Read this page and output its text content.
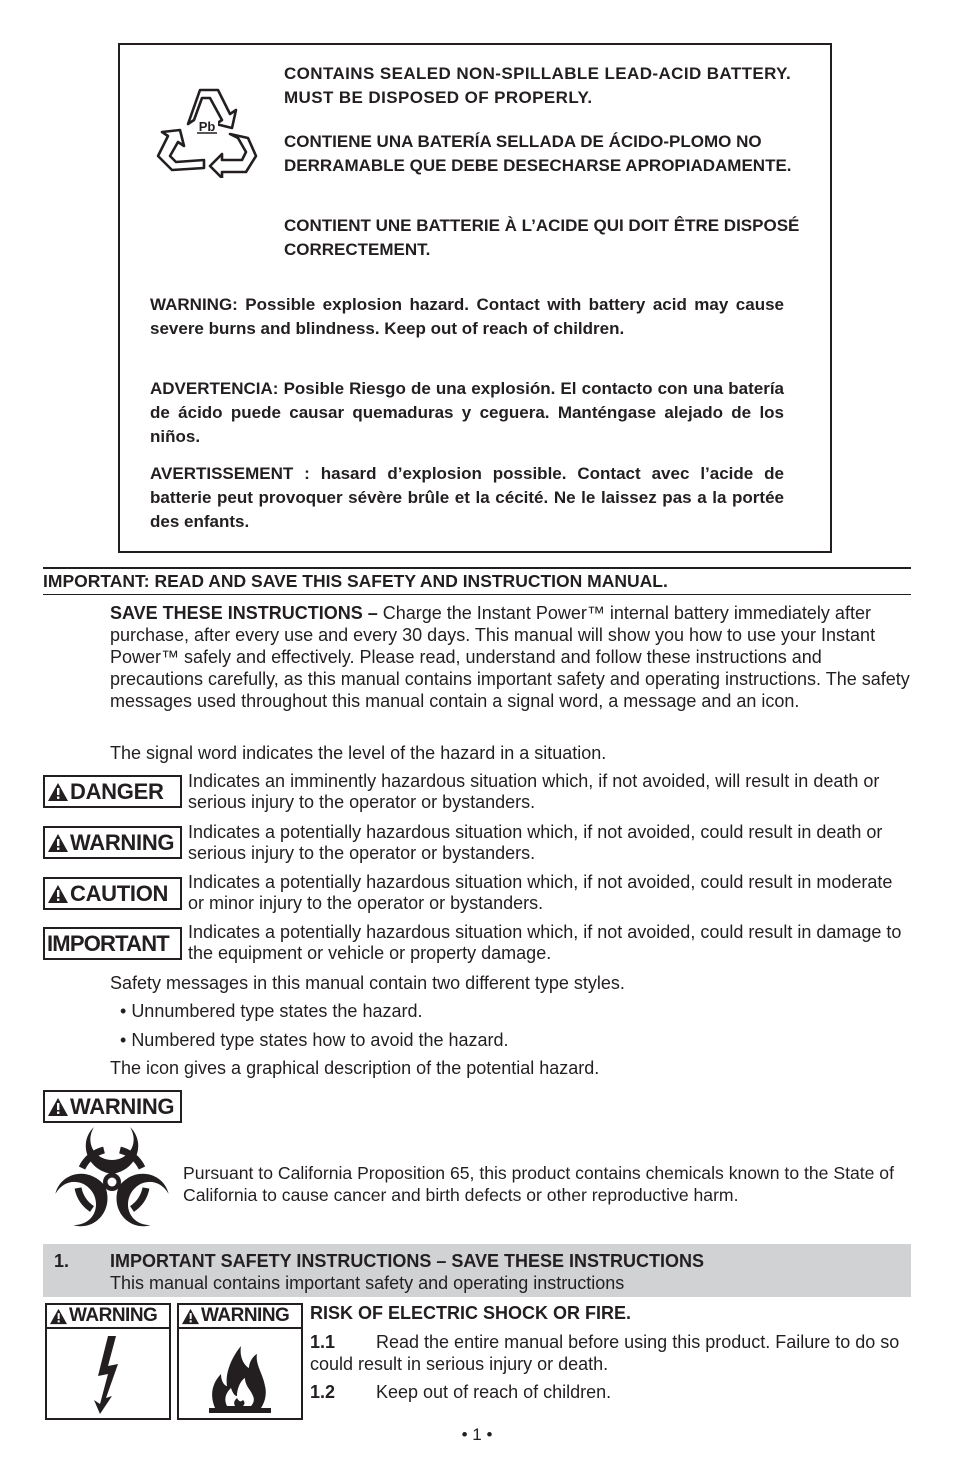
Pb
CONTAINS SEALED NON-SPILLABLE LEAD-ACID BATTERY. MUST BE DISPOSED OF PROPERLY.
CONTIENE UNA BATERÍA SELLADA DE ÁCIDO-PLOMO NO DERRAMABLE QUE DEBE DESECHARSE APROPIADAMENTE.
CONTIENT UNE BATTERIE À L’ACIDE QUI DOIT ÊTRE DISPOSÉ CORRECTEMENT.
WARNING: Possible explosion hazard. Contact with battery acid may cause severe burns and blindness. Keep out of reach of children.
ADVERTENCIA: Posible Riesgo de una explosión. El contacto con una batería de ácido puede causar quemaduras y ceguera. Manténgase alejado de los niños.
AVERTISSEMENT : hasard d’explosion possible. Contact avec l’acide de batterie peut provoquer sévère brûle et la cécité. Ne le laissez pas a la portée des enfants.
IMPORTANT: READ AND SAVE THIS SAFETY AND INSTRUCTION MANUAL.
SAVE THESE INSTRUCTIONS – Charge the Instant Power™ internal battery immediately after purchase, after every use and every 30 days. This manual will show you how to use your Instant Power™ safely and effectively. Please read, understand and follow these instructions and precautions carefully, as this manual contains important safety and operating instructions. The safety messages used throughout this manual contain a signal word, a message and an icon.
The signal word indicates the level of the hazard in a situation.
DANGER Indicates an imminently hazardous situation which, if not avoided, will result in death or serious injury to the operator or bystanders.
WARNING Indicates a potentially hazardous situation which, if not avoided, could result in death or serious injury to the operator or bystanders.
CAUTION Indicates a potentially hazardous situation which, if not avoided, could result in moderate or minor injury to the operator or bystanders.
IMPORTANT Indicates a potentially hazardous situation which, if not avoided, could result in damage to the equipment or vehicle or property damage.
Safety messages in this manual contain two different type styles.
• Unnumbered type states the hazard.
• Numbered type states how to avoid the hazard.
The icon gives a graphical description of the potential hazard.
WARNING
Pursuant to California Proposition 65, this product contains chemicals known to the State of California to cause cancer and birth defects or other reproductive harm.
1. IMPORTANT SAFETY INSTRUCTIONS – SAVE THESE INSTRUCTIONS
This manual contains important safety and operating instructions
WARNING WARNING RISK OF ELECTRIC SHOCK OR FIRE.
1.1 Read the entire manual before using this product. Failure to do so could result in serious injury or death.
1.2 Keep out of reach of children.
• 1 •
